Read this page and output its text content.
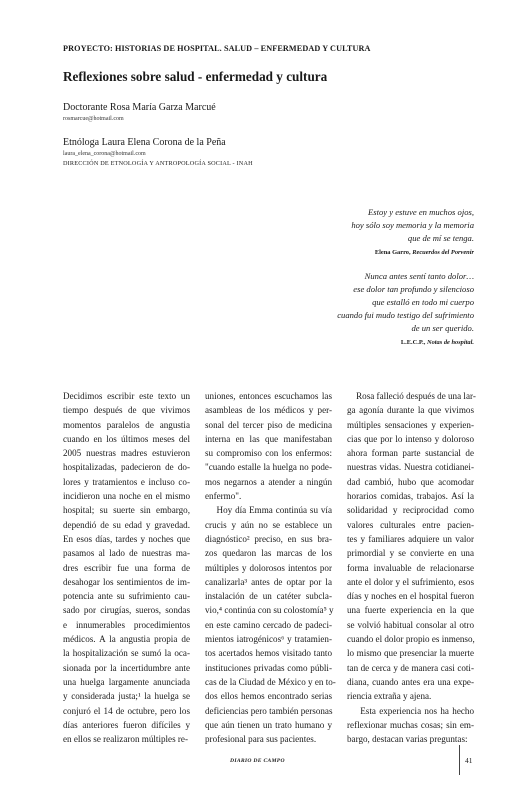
PROYECTO: HISTORIAS DE HOSPITAL. SALUD – ENFERMEDAD Y CULTURA
Reflexiones sobre salud - enfermedad y cultura
Doctorante Rosa María Garza Marcué
rosmarcue@hotmail.com
Etnóloga Laura Elena Corona de la Peña
laura_elena_corona@hotmail.com
DIRECCIÓN DE ETNOLOGÍA Y ANTROPOLOGÍA SOCIAL - INAH
Estoy y estuve en muchos ojos,
hoy sólo soy memoria y la memoria
que de mí se tenga.
Elena Garro, Recuerdos del Porvenir
Nunca antes sentí tanto dolor…
ese dolor tan profundo y silencioso
que estalló en todo mi cuerpo
cuando fui mudo testigo del sufrimiento
de un ser querido.
L.E.C.P., Notas de hospital.
Decidimos escribir este texto un
tiempo después de que vivimos
momentos paralelos de angustia
cuando en los últimos meses del
2005 nuestras madres estuvieron
hospitalizadas, padecieron de do-
lores y tratamientos e incluso co-
incidieron una noche en el mismo
hospital; su suerte sin embargo,
dependió de su edad y gravedad.
En esos días, tardes y noches que
pasamos al lado de nuestras ma-
dres escribir fue una forma de
desahogar los sentimientos de im-
potencia ante su sufrimiento cau-
sado por cirugías, sueros, sondas
e innumerables procedimientos
médicos. A la angustia propia de
la hospitalización se sumó la oca-
sionada por la incertidumbre ante
una huelga largamente anunciada
y considerada justa;¹ la huelga se
conjuró el 14 de octubre, pero los
días anteriores fueron difíciles y
en ellos se realizaron múltiples re-
uniones, entonces escuchamos las
asambleas de los médicos y per-
sonal del tercer piso de medicina
interna en las que manifestaban
su compromiso con los enfermos:
"cuando estalle la huelga no pode-
mos negarnos a atender a ningún
enfermo".
Hoy día Emma continúa su vía
crucis y aún no se establece un
diagnóstico² preciso, en sus bra-
zos quedaron las marcas de los
múltiples y dolorosos intentos por
canalizarla³ antes de optar por la
instalación de un catéter subcla-
vio,⁴ continúa con su colostomía⁵ y
en este camino cercado de padeci-
mientos iatrogénicos⁶ y tratamien-
tos acertados hemos visitado tanto
instituciones privadas como públi-
cas de la Ciudad de México y en to-
dos ellos hemos encontrado serias
deficiencias pero también personas
que aún tienen un trato humano y
profesional para sus pacientes.
Rosa falleció después de una lar-
ga agonía durante la que vivimos
múltiples sensaciones y experien-
cias que por lo intenso y doloroso
ahora forman parte sustancial de
nuestras vidas. Nuestra cotidianei-
dad cambió, hubo que acomodar
horarios comidas, trabajos. Así la
solidaridad y reciprocidad como
valores culturales entre pacien-
tes y familiares adquiere un valor
primordial y se convierte en una
forma invaluable de relacionarse
ante el dolor y el sufrimiento, esos
días y noches en el hospital fueron
una fuerte experiencia en la que
se volvió habitual consolar al otro
cuando el dolor propio es inmenso,
lo mismo que presenciar la muerte
tan de cerca y de manera casi coti-
diana, cuando antes era una expe-
riencia extraña y ajena.
Esta experiencia nos ha hecho
reflexionar muchas cosas; sin em-
bargo, destacan varias preguntas:
DIARIO DE CAMPO	41
